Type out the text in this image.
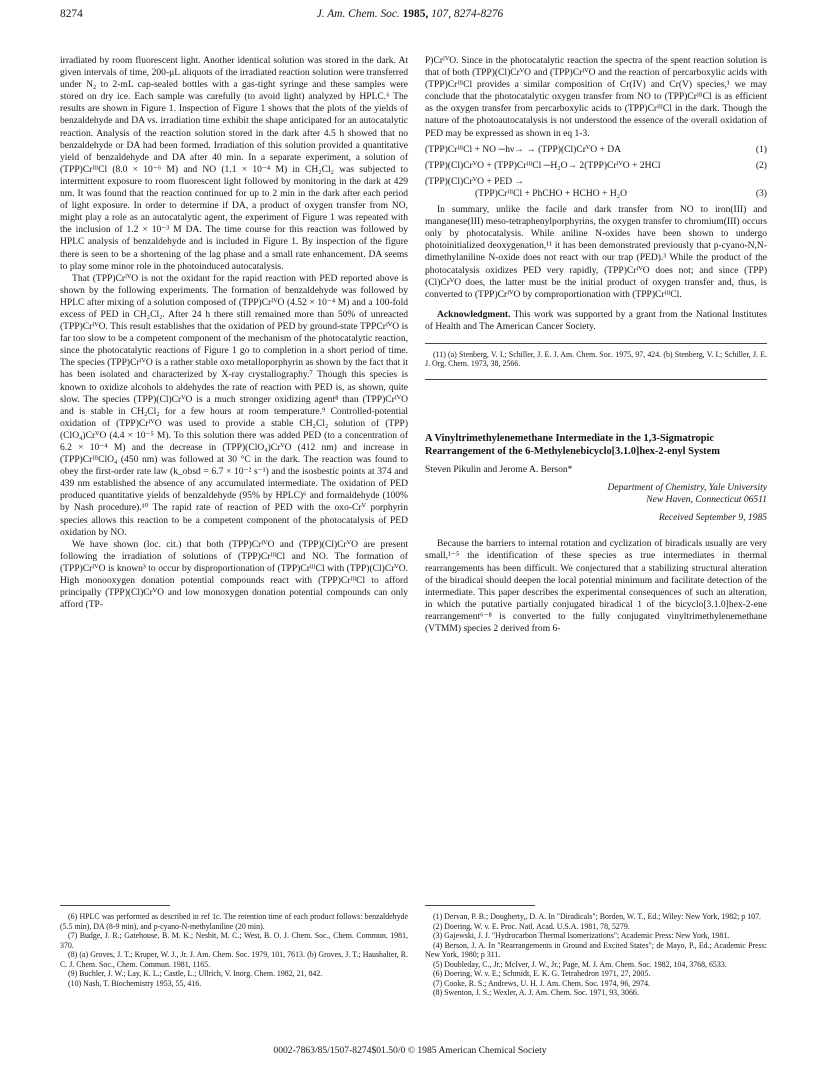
8274	J. Am. Chem. Soc. 1985, 107, 8274-8276

irradiated by room fluorescent light. Another identical solution was stored in the dark. At given intervals of time, 200-μL aliquots of the irradiated reaction solution were transferred under N₂ to 2-mL cap-sealed bottles with a gas-tight syringe and these samples were stored on dry ice. Each sample was carefully (to avoid light) analyzed by HPLC.⁶ The results are shown in Figure 1. Inspection of Figure 1 shows that the plots of the yields of benzaldehyde and DA vs. irradiation time exhibit the shape anticipated for an autocatalytic reaction. Analysis of the reaction solution stored in the dark after 4.5 h showed that no benzaldehyde or DA had been formed. Irradiation of this solution provided a quantitative yield of benzaldehyde and DA after 40 min. In a separate experiment, a solution of (TPP)CrᴵᴵᴵCl (8.0 × 10⁻⁶ M) and NO (1.1 × 10⁻⁴ M) in CH₂Cl₂ was subjected to intermittent exposure to room fluorescent light followed by monitoring in the dark at 429 nm. It was found that the reaction continued for up to 2 min in the dark after each period of light exposure. In order to determine if DA, a product of oxygen transfer from NO, might play a role as an autocatalytic agent, the experiment of Figure 1 was repeated with the inclusion of 1.2 × 10⁻³ M DA. The time course for this reaction was followed by HPLC analysis of benzaldehyde and is included in Figure 1. By inspection of the figure there is seen to be a shortening of the lag phase and a small rate enhancement. DA seems to play some minor role in the photoinduced autocatalysis.

That (TPP)CrᴵⱽO is not the oxidant for the rapid reaction with PED reported above is shown by the following experiments. The formation of benzaldehyde was followed by HPLC after mixing of a solution composed of (TPP)CrᴵⱽO (4.52 × 10⁻⁴ M) and a 100-fold excess of PED in CH₂Cl₂. After 24 h there still remained more than 50% of unreacted (TPP)CrᴵⱽO. This result establishes that the oxidation of PED by ground-state TPPCrᴵⱽO is far too slow to be a competent component of the mechanism of the photocatalytic reaction, since the photocatalytic reactions of Figure 1 go to completion in a short period of time. The species (TPP)CrᴵⱽO is a rather stable oxo metalloporphyrin as shown by the fact that it has been isolated and characterized by X-ray crystallography.⁷ Though this species is known to oxidize alcohols to aldehydes the rate of reaction with PED is, as shown, quite slow. The species (TPP)(Cl)CrⱽO is a much stronger oxidizing agent⁸ than (TPP)CrᴵⱽO and is stable in CH₂Cl₂ for a few hours at room temperature.⁹ Controlled-potential oxidation of (TPP)CrᴵⱽO was used to provide a stable CH₂Cl₂ solution of (TPP)(ClO₄)CrⱽO (4.4 × 10⁻⁵ M). To this solution there was added PED (to a concentration of 6.2 × 10⁻⁴ M) and the decrease in (TPP)(ClO₄)CrⱽO (412 nm) and increase in (TPP)CrᴵᴵᴵClO₄ (450 nm) was followed at 30 °C in the dark. The reaction was found to obey the first-order rate law (k_obsd = 6.7 × 10⁻² s⁻¹) and the isosbestic points at 374 and 439 nm established the absence of any accumulated intermediate. The oxidation of PED produced quantitative yields of benzaldehyde (95% by HPLC)⁶ and formaldehyde (100% by Nash procedure).¹⁰ The rapid rate of reaction of PED with the oxo-Crⱽ porphyrin species allows this reaction to be a competent component of the photocatalysis of PED oxidation by NO.

We have shown (loc. cit.) that both (TPP)CrᴵⱽO and (TPP)(Cl)CrⱽO are present following the irradiation of solutions of (TPP)CrᴵᴵᴵCl and NO. The formation of (TPP)CrᴵⱽO is known³ to occur by disproportionation of (TPP)CrᴵᴵᴵCl with (TPP)(Cl)CrⱽO. High monooxygen donation potential compounds react with (TPP)CrᴵᴵᴵCl to afford principally (TPP)(Cl)CrⱽO and low monoxygen donation potential compounds can only afford (TP-

(6) HPLC was performed as described in ref 1c. The retention time of each product follows: benzaldehyde (5.5 min), DA (8-9 min), and p-cyano-N-methylaniline (20 min).
(7) Budge, J. R.; Gatehouse, B. M. K.; Nesbit, M. C.; West, B. O. J. Chem. Soc., Chem. Commun. 1981, 370.
(8) (a) Groves, J. T.; Kruper, W. J., Jr. J. Am. Chem. Soc. 1979, 101, 7613. (b) Groves, J. T.; Haushalter, R. C. J. Chem. Soc., Chem. Commun. 1981, 1165.
(9) Buchler, J. W.; Lay, K. L.; Castle, L.; Ullrich, V. Inorg. Chem. 1982, 21, 842.
(10) Nash, T. Biochemistry 1953, 55, 416.

P)CrᴵⱽO. Since in the photocatalytic reaction the spectra of the spent reaction solution is that of both (TPP)(Cl)CrⱽO and (TPP)CrᴵⱽO and the reaction of percarboxylic acids with (TPP)CrᴵᴵᴵCl provides a similar composition of Cr(IV) and Cr(V) species,¹ we may conclude that the photocatalytic oxygen transfer from NO to (TPP)CrᴵᴵᴵCl is as efficient as the oxygen transfer from percarboxylic acids to (TPP)CrᴵᴵᴵCl in the dark. Though the nature of the photoautocatalysis is not understood the essence of the overall oxidation of PED may be expressed as shown in eq 1-3.

(TPP)CrᴵᴵᴵCl + NO ─hν→ → (TPP)(Cl)CrⱽO + DA	(1)
(TPP)(Cl)CrⱽO + (TPP)CrᴵᴵᴵCl ─H₂O→ 2(TPP)CrᴵⱽO + 2HCl	(2)
(TPP)(Cl)CrⱽO + PED →
(TPP)CrᴵᴵᴵCl + PhCHO + HCHO + H₂O	(3)

In summary, unlike the facile and dark transfer from NO to iron(III) and manganese(III) meso-tetraphenylporphyrins, the oxygen transfer to chromium(III) occurs only by photocatalysis. While aniline N-oxides have been shown to undergo photoinitialized deoxygenation,¹¹ it has been demonstrated previously that p-cyano-N,N-dimethylaniline N-oxide does not react with our trap (PED).³ While the product of the photocatalysis oxidizes PED very rapidly, (TPP)CrᴵⱽO does not; and since (TPP)(Cl)CrⱽO does, the latter must be the initial product of oxygen transfer and, thus, is converted to (TPP)CrᴵⱽO by comproportionation with (TPP)CrᴵᴵᴵCl.

Acknowledgment. This work was supported by a grant from the National Institutes of Health and The American Cancer Society.

(11) (a) Stenberg, V. I.; Schiller, J. E. J. Am. Chem. Soc. 1975, 97, 424. (b) Stenberg, V. I.; Schiller, J. E. J. Org. Chem. 1973, 38, 2566.

A Vinyltrimethylenemethane Intermediate in the 1,3-Sigmatropic Rearrangement of the 6-Methylenebicyclo[3.1.0]hex-2-enyl System

Steven Pikulin and Jerome A. Berson*

Department of Chemistry, Yale University
New Haven, Connecticut 06511
Received September 9, 1985

Because the barriers to internal rotation and cyclization of biradicals usually are very small,¹⁻⁵ the identification of these species as true intermediates in thermal rearrangements has been difficult. We conjectured that a stabilizing structural alteration of the biradical should deepen the local potential minimum and facilitate detection of the intermediate. This paper describes the experimental consequences of such an alteration, in which the putative partially conjugated biradical 1 of the bicyclo[3.1.0]hex-2-ene rearrangement⁶⁻⁸ is converted to the fully conjugated vinyltrimethylenemethane (VTMM) species 2 derived from 6-

(1) Dervan, P. B.; Dougherty,, D. A. In "Diradicals"; Borden, W. T., Ed.; Wiley: New York, 1982; p 107.
(2) Doering, W. v. E. Proc. Natl. Acad. U.S.A. 1981, 78, 5279.
(3) Gajewski, J. J. "Hydrocarbon Thermal Isomerizations"; Academic Press: New York, 1981.
(4) Berson, J. A. In "Rearrangements in Ground and Excited States"; de Mayo, P., Ed.; Academic Press: New York, 1980; p 311.
(5) Doubleday, C., Jr.; McIver, J. W., Jr.; Page, M. J. Am. Chem. Soc. 1982, 104, 3768, 6533.
(6) Doering, W. v. E.; Schmidt, E. K. G. Tetrahedron 1971, 27, 2005.
(7) Cooke, R. S.; Andrews, U. H. J. Am. Chem. Soc. 1974, 96, 2974.
(8) Swenton, J. S.; Wexler, A. J. Am. Chem. Soc. 1971, 93, 3066.
0002-7863/85/1507-8274$01.50/0 © 1985 American Chemical Society
